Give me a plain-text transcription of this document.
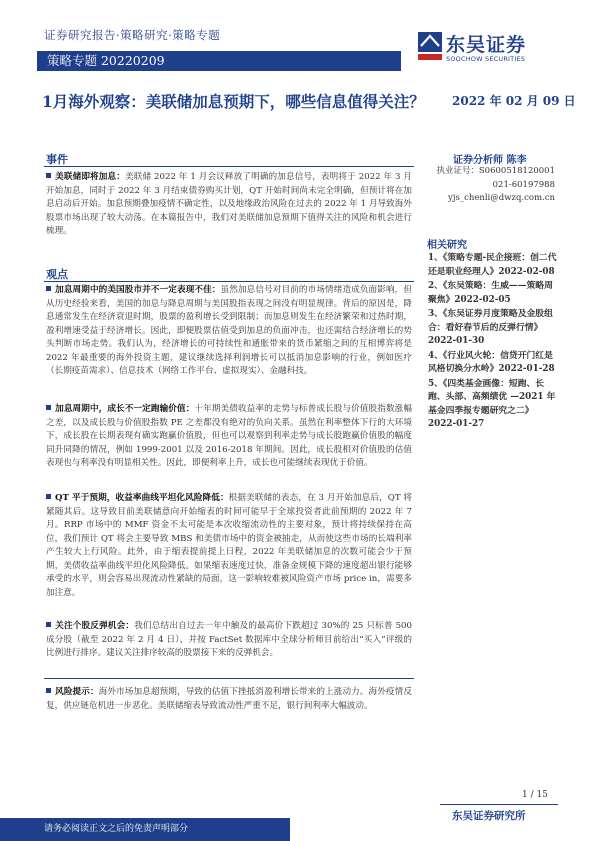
证券研究报告·策略研究·策略专题
策略专题 20220209
东吴证券
SOOCHOW SECURITIES
1月海外观察：美联储加息预期下，哪些信息值得关注？ 2022 年 02 月 09 日
事件
美联储即将加息：美联储 2022 年 1 月会议释放了明确的加息信号，表明将于 2022 年 3 月开始加息，同时于 2022 年 3 月结束债券购买计划，QT 开始时间尚未完全明确，但预计将在加息启动后开始。加息预期叠加疫情不确定性，以及地缘政治风险在过去的 2022 年 1 月导致海外股票市场出现了较大动荡。在本篇报告中，我们对美联储加息预期下值得关注的风险和机会进行梳理。
观点
加息周期中的美国股市并不一定表现不佳：虽然加息信号对目前的市场情绪造成负面影响，但从历史经验来看，美国的加息与降息周期与美国股指表现之间没有明显规律。背后的原因是，降息通常发生在经济衰退时期，股票的盈利增长受到限制；而加息则发生在经济繁荣和过热时期，盈利增速受益于经济增长。因此，即便股票估值受到加息的负面冲击，也还需结合经济增长的势头判断市场走势。我们认为，经济增长的可持续性和通胀带来的货币紧缩之间的互相博弈将是 2022 年最重要的海外投资主题，建议继续选择利润增长可以抵消加息影响的行业，例如医疗（长期疫苗需求）、信息技术（网络工作平台、虚拟现实）、金融科技。
加息周期中，成长不一定跑输价值：十年期美债收益率的走势与标普成长股与价值股指数涨幅之差，以及成长股与价值股指数 PE 之差都没有绝对的负向关系。虽然在利率整体下行的大环境下，成长股在长期表现有确实跑赢价值股，但也可以观察到利率走势与成长股跑赢价值股的幅度同升同降的情况，例如 1999-2001 以及 2016-2018 年期间。因此，成长股相对价值股的估值表现也与利率没有明显相关性。因此，即便利率上升，成长也可能继续表现优于价值。
QT 平于预期，收益率曲线平坦化风险降低：根据美联储的表态，在 3 月开始加息后，QT 将紧随其后。这导致目前美联储意向开始缩表的时间可能早于全球投资者此前预期的 2022 年 7 月。RRP 市场中的 MMF 资金不太可能是本次收缩流动性的主要对象，预计将持续保持在高位，我们预计 QT 将会主要导致 MBS 和美债市场中的资金被抽走，从而使这些市场的长端利率产生较大上行风险。此外，由于缩表提前提上日程，2022 年美联储加息的次数可能会少于预期，美债收益率曲线平坦化风险降低。如果缩表速度过快，准备金规模下降的速度超出银行能够承受的水平，则会容易出现流动性紧缺的局面，这一影响较难被风险资产市场 price in，需要多加注意。
关注个股反弹机会：我们总结出自过去一年中触及的最高价下跌超过 30%的 25 只标普 500 成分股（截至 2022 年 2 月 4 日），并按 FactSet 数据库中全球分析师目前给出“买入”评级的比例进行排序。建议关注排序较高的股票接下来的反弹机会。
风险提示：海外市场加息超预期，导致的估值下挫抵消盈利增长带来的上涨动力。海外疫情反复，供应链危机进一步恶化。美联储缩表导致流动性严重不足，银行间利率大幅波动。
证券分析师 陈李
执业证号：S0600518120001
021-60197988
yjs_chenli@dwzq.com.cn
相关研究
1、《策略专题-民企接班：创二代还是职业经理人》2022-02-08
2、《东吴策略：生威——策略周聚焦》2022-02-05
3、《东吴证券月度策略及金股组合：看好春节后的反弹行情》2022-01-30
4、《行业风火轮：信贷开门红是风格切换分水岭》2022-01-28
5、《四类基金画像：短跑、长跑、头部、高频绩优 —2021 年基金四季报专题研究之二》2022-01-27
1 / 15
东吴证券研究所
请务必阅读正文之后的免责声明部分
